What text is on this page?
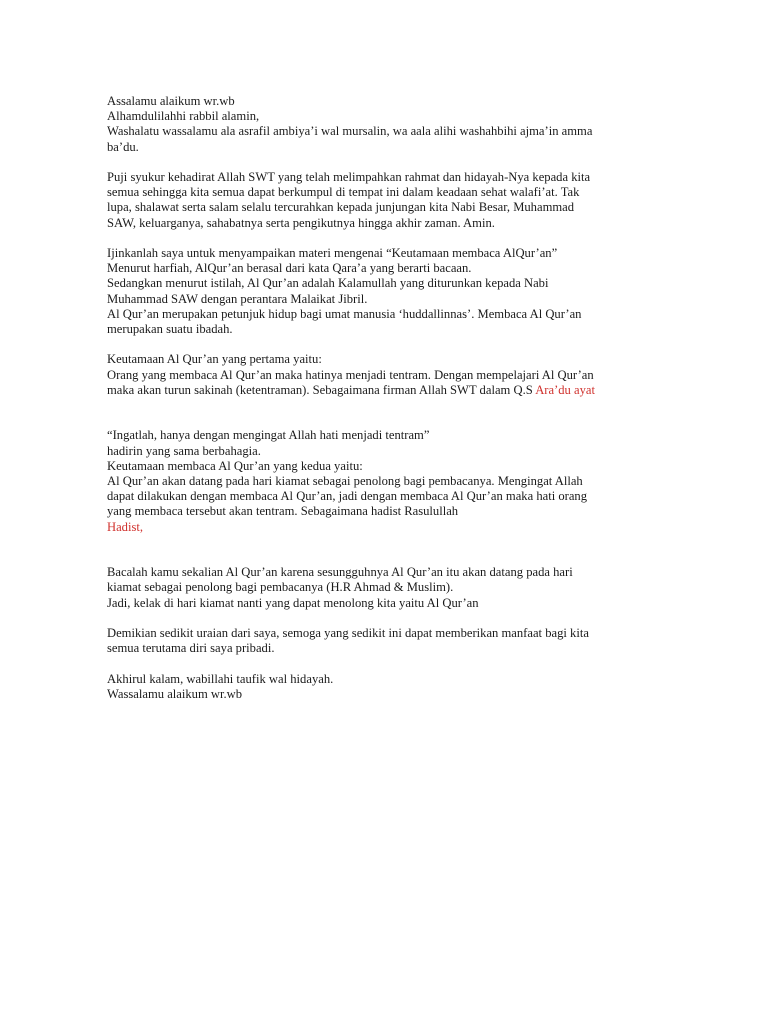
Assalamu alaikum wr.wb
Alhamdulilahhi rabbil alamin,
Washalatu wassalamu ala asrafil ambiya’i wal mursalin, wa aala alihi washahbihi ajma’in amma
ba’du.
Puji syukur kehadirat Allah SWT yang telah melimpahkan rahmat dan hidayah-Nya kepada kita
semua sehingga kita semua dapat berkumpul di tempat ini dalam keadaan sehat walafi’at. Tak
lupa, shalawat serta salam selalu tercurahkan kepada junjungan kita Nabi Besar, Muhammad
SAW, keluarganya, sahabatnya serta pengikutnya hingga akhir zaman. Amin.
Ijinkanlah saya untuk menyampaikan materi mengenai “Keutamaan membaca AlQur’an”
Menurut harfiah, AlQur’an berasal dari kata Qara’a yang berarti bacaan.
Sedangkan menurut istilah, Al Qur’an adalah Kalamullah yang diturunkan kepada Nabi
Muhammad SAW dengan perantara Malaikat Jibril.
Al Qur’an merupakan petunjuk hidup bagi umat manusia ‘huddallinnas’. Membaca Al Qur’an
merupakan suatu ibadah.
Keutamaan Al Qur’an yang pertama yaitu:
Orang yang membaca Al Qur’an maka hatinya menjadi tentram. Dengan mempelajari Al Qur’an
maka akan turun sakinah (ketentraman). Sebagaimana firman Allah SWT dalam Q.S Ara’du ayat
“Ingatlah, hanya dengan mengingat Allah hati menjadi tentram”
hadirin yang sama berbahagia.
Keutamaan membaca Al Qur’an yang kedua yaitu:
Al Qur’an akan datang pada hari kiamat sebagai penolong bagi pembacanya. Mengingat Allah
dapat dilakukan dengan membaca Al Qur’an, jadi dengan membaca Al Qur’an maka hati orang
yang membaca tersebut akan tentram. Sebagaimana hadist Rasulullah
Hadist,
Bacalah kamu sekalian Al Qur’an karena sesungguhnya Al Qur’an itu akan datang pada hari
kiamat sebagai penolong bagi pembacanya (H.R Ahmad & Muslim).
Jadi, kelak di hari kiamat nanti yang dapat menolong kita yaitu Al Qur’an
Demikian sedikit uraian dari saya, semoga yang sedikit ini dapat memberikan manfaat bagi kita
semua terutama diri saya pribadi.
Akhirul kalam, wabillahi taufik wal hidayah.
Wassalamu alaikum wr.wb
